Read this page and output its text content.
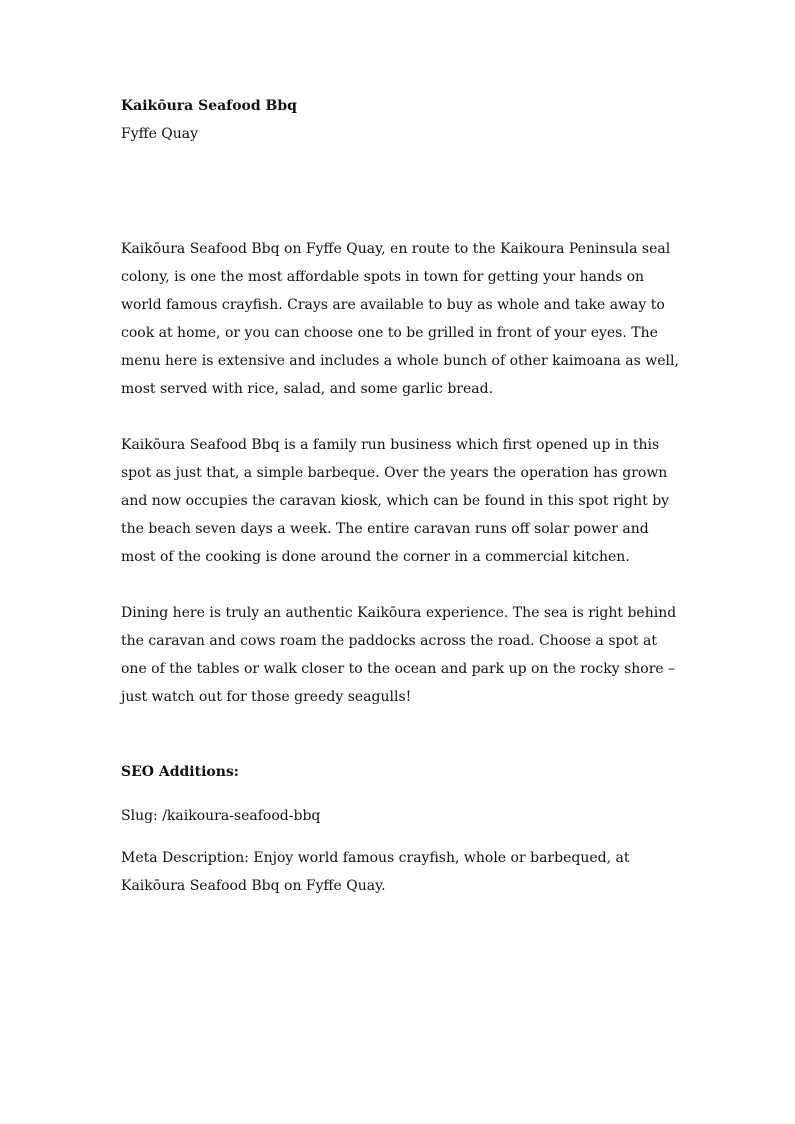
Kaikōura Seafood Bbq

Fyffe Quay

Kaikōura Seafood Bbq on Fyffe Quay, en route to the Kaikoura Peninsula seal colony, is one the most affordable spots in town for getting your hands on world famous crayfish. Crays are available to buy as whole and take away to cook at home, or you can choose one to be grilled in front of your eyes. The menu here is extensive and includes a whole bunch of other kaimoana as well, most served with rice, salad, and some garlic bread.

Kaikōura Seafood Bbq is a family run business which first opened up in this spot as just that, a simple barbeque. Over the years the operation has grown and now occupies the caravan kiosk, which can be found in this spot right by the beach seven days a week. The entire caravan runs off solar power and most of the cooking is done around the corner in a commercial kitchen.

Dining here is truly an authentic Kaikōura experience. The sea is right behind the caravan and cows roam the paddocks across the road. Choose a spot at one of the tables or walk closer to the ocean and park up on the rocky shore – just watch out for those greedy seagulls!

SEO Additions:

Slug: /kaikoura-seafood-bbq

Meta Description: Enjoy world famous crayfish, whole or barbequed, at Kaikōura Seafood Bbq on Fyffe Quay.
